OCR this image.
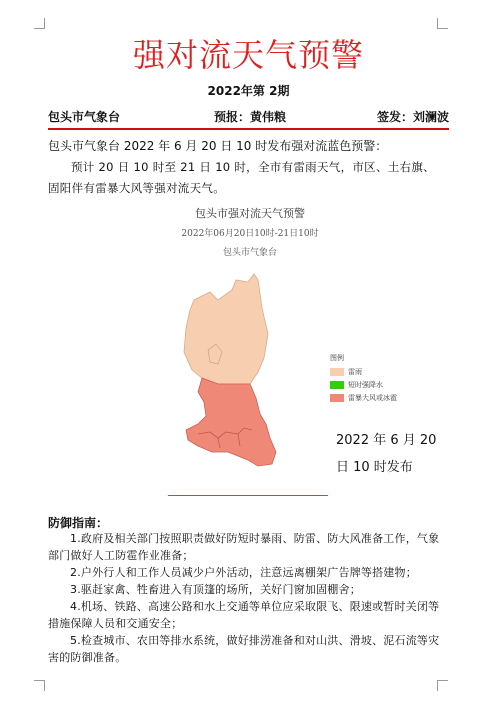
强对流天气预警
2022年第 2期
包头市气象台	预报：黄伟粮	签发：刘澜波
包头市气象台 2022 年 6 月 20 日 10 时发布强对流蓝色预警：
预计 20 日 10 时至 21 日 10 时，全市有雷雨天气，市区、土右旗、固阳伴有雷暴大风等强对流天气。
包头市强对流天气预警
2022年06月20日10时-21日10时
包头市气象台
图例
雷雨
短时强降水
雷暴大风或冰雹
2022 年 6 月 20
日 10 时发布
防御指南：

1.政府及相关部门按照职责做好防短时暴雨、防雷、防大风准备工作，气象部门做好人工防雹作业准备；

2.户外行人和工作人员减少户外活动，注意远离棚架广告牌等搭建物；

3.驱赶家禽、牲畜进入有顶篷的场所，关好门窗加固棚舍；

4.机场、铁路、高速公路和水上交通等单位应采取限飞、限速或暂时关闭等措施保障人员和交通安全；

5.检查城市、农田等排水系统，做好排涝准备和对山洪、滑坡、泥石流等灾害的防御准备。
